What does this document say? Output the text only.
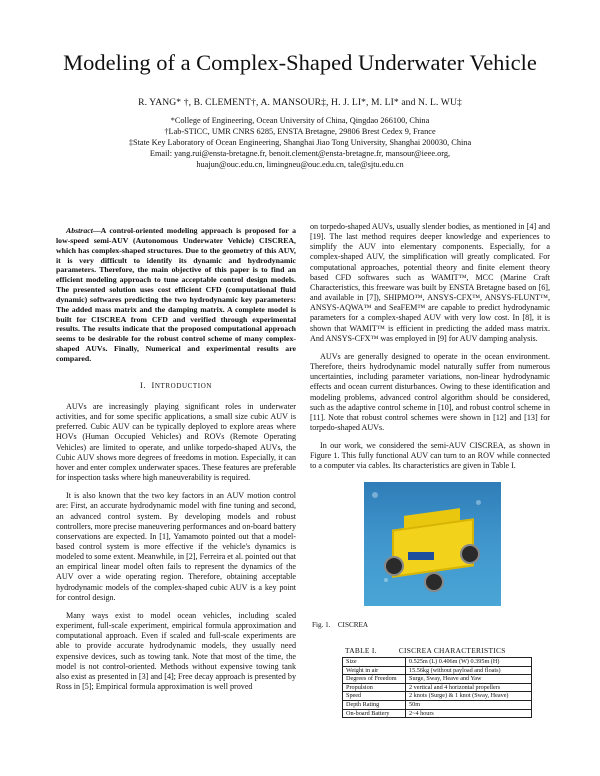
Modeling of a Complex-Shaped Underwater Vehicle
R. YANG* †, B. CLEMENT†, A. MANSOUR‡, H. J. LI*, M. LI* and N. L. WU‡
*College of Engineering, Ocean University of China, Qingdao 266100, China
†Lab-STICC, UMR CNRS 6285, ENSTA Bretagne, 29806 Brest Cedex 9, France
‡State Key Laboratory of Ocean Engineering, Shanghai Jiao Tong University, Shanghai 200030, China
Email: yang.rui@ensta-bretagne.fr, benoit.clement@ensta-bretagne.fr, mansour@ieee.org,
huajun@ouc.edu.cn, limingneu@ouc.edu.cn, tale@sjtu.edu.cn

Abstract—A control-oriented modeling approach is proposed for a low-speed semi-AUV (Autonomous Underwater Vehicle) CISCREA, which has complex-shaped structures. Due to the geometry of this AUV, it is very difficult to identify its dynamic and hydrodynamic parameters. Therefore, the main objective of this paper is to find an efficient modeling approach to tune acceptable control design models. The presented solution uses cost efficient CFD (computational fluid dynamic) softwares predicting the two hydrodynamic key parameters: The added mass matrix and the damping matrix. A complete model is built for CISCREA from CFD and verified through experimental results. The results indicate that the proposed computational approach seems to be desirable for the robust control scheme of many complex-shaped AUVs. Finally, Numerical and experimental results are compared.

I. INTRODUCTION

AUVs are increasingly playing significant roles in underwater activities, and for some specific applications, a small size cubic AUV is preferred. Cubic AUV can be typically deployed to explore areas where HOVs (Human Occupied Vehicles) and ROVs (Remote Operating Vehicles) are limited to operate, and unlike torpedo-shaped AUVs, the Cubic AUV shows more degrees of freedoms in motion. Especially, it can hover and enter complex underwater spaces. These features are preferable for inspection tasks where high maneuverability is required.

It is also known that the two key factors in an AUV motion control are: First, an accurate hydrodynamic model with fine tuning and second, an advanced control system. By developing models and robust controllers, more precise maneuvering performances and on-board battery conservations are expected. In [1], Yamamoto pointed out that a model-based control system is more effective if the vehicle's dynamics is modeled to some extent. Meanwhile, in [2], Ferreira et al. pointed out that an empirical linear model often fails to represent the dynamics of the AUV over a wide operating region. Therefore, obtaining acceptable hydrodynamic models of the complex-shaped cubic AUV is a key point for control design.

Many ways exist to model ocean vehicles, including scaled experiment, full-scale experiment, empirical formula approximation and computational approach. Even if scaled and full-scale experiments are able to provide accurate hydrodynamic models, they usually need expensive devices, such as towing tank. Note that most of the time, the model is not control-oriented. Methods without expensive towing tank also exist as presented in [3] and [4]; Free decay approach is presented by Ross in [5]; Empirical formula approximation is well proved

on torpedo-shaped AUVs, usually slender bodies, as mentioned in [4] and [19]. The last method requires deeper knowledge and experiences to simplify the AUV into elementary components. Especially, for a complex-shaped AUV, the simplification will greatly complicated. For computational approaches, potential theory and finite element theory based CFD softwares such as WAMIT™, MCC (Marine Craft Characteristics, this freeware was built by ENSTA Bretagne based on [6], and available in [7]), SHIPMO™, ANSYS-CFX™, ANSYS-FLUNT™, ANSYS-AQWA™ and SeaFEM™ are capable to predict hydrodynamic parameters for a complex-shaped AUV with very low cost. In [8], it is shown that WAMIT™ is efficient in predicting the added mass matrix. And ANSYS-CFX™ was employed in [9] for AUV damping analysis.

AUVs are generally designed to operate in the ocean environment. Therefore, theirs hydrodynamic model naturally suffer from numerous uncertainties, including parameter variations, non-linear hydrodynamic effects and ocean current disturbances. Owing to these identification and modeling problems, advanced control algorithm should be considered, such as the adaptive control scheme in [10], and robust control scheme in [11]. Note that robust control schemes were shown in [12] and [13] for torpedo-shaped AUVs.

In our work, we considered the semi-AUV CISCREA, as shown in Figure 1. This fully functional AUV can turn to an ROV while connected to a computer via cables. Its characteristics are given in Table I.

Fig. 1. CISCREA
TABLE I.	CISCREA CHARACTERISTICS
Size	0.525m (L) 0.406m (W) 0.395m (H)
Weight in air	15.56kg (without payload and floats)
Degrees of Freedom	Surge, Sway, Heave and Yaw
Propulsion	2 vertical and 4 horizontal propellers
Speed	2 knots (Surge) & 1 knot (Sway, Heave)
Depth Rating	50m
On-board Battery	2~4 hours
